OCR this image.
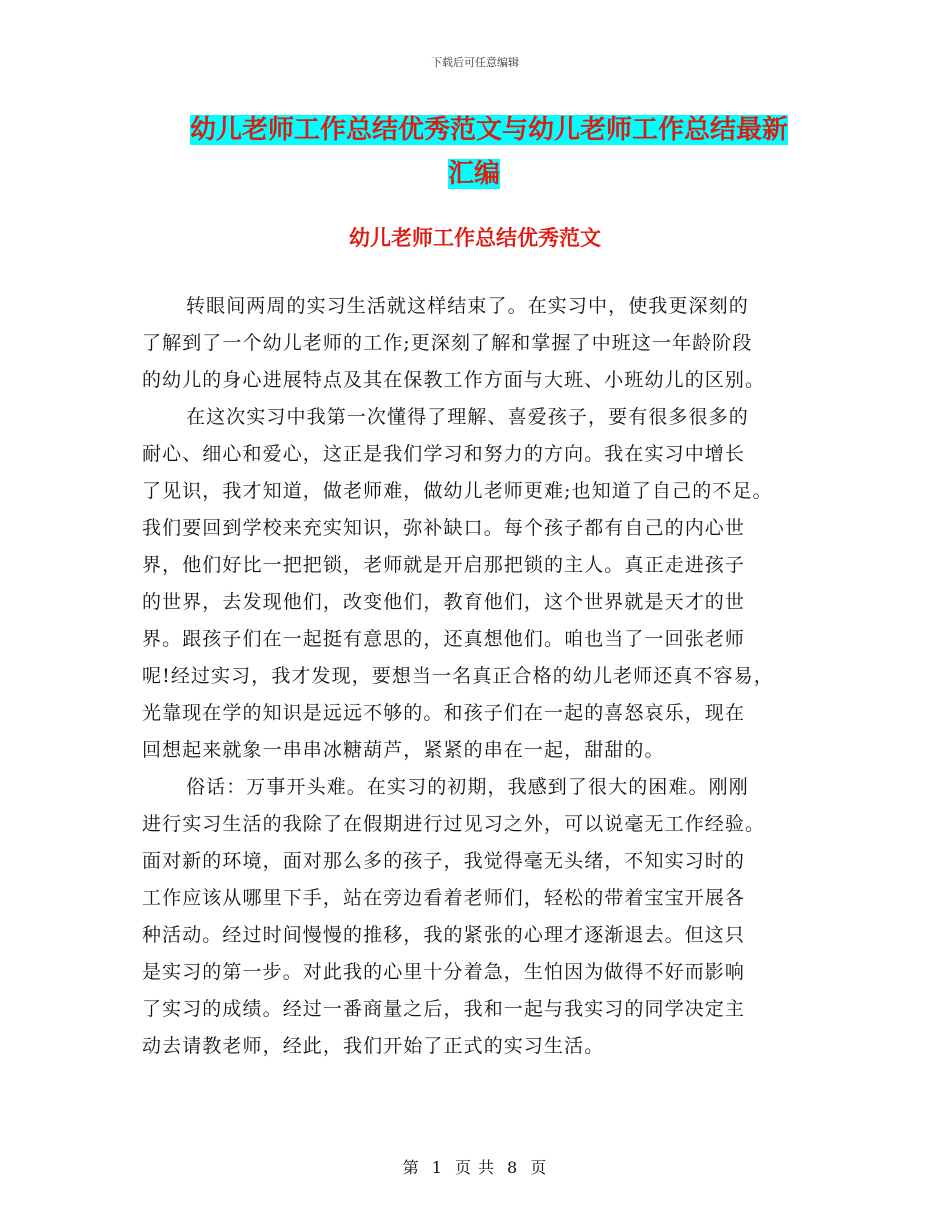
下载后可任意编辑
幼儿老师工作总结优秀范文与幼儿老师工作总结最新
汇编
幼儿老师工作总结优秀范文
转眼间两周的实习生活就这样结束了。在实习中，使我更深刻的
了解到了一个幼儿老师的工作;更深刻了解和掌握了中班这一年龄阶段
的幼儿的身心进展特点及其在保教工作方面与大班、小班幼儿的区别。
在这次实习中我第一次懂得了理解、喜爱孩子，要有很多很多的
耐心、细心和爱心，这正是我们学习和努力的方向。我在实习中增长
了见识，我才知道，做老师难，做幼儿老师更难;也知道了自己的不足。
我们要回到学校来充实知识，弥补缺口。每个孩子都有自己的内心世
界，他们好比一把把锁，老师就是开启那把锁的主人。真正走进孩子
的世界，去发现他们，改变他们，教育他们，这个世界就是天才的世
界。跟孩子们在一起挺有意思的，还真想他们。咱也当了一回张老师
呢!经过实习，我才发现，要想当一名真正合格的幼儿老师还真不容易，
光靠现在学的知识是远远不够的。和孩子们在一起的喜怒哀乐，现在
回想起来就象一串串冰糖葫芦，紧紧的串在一起，甜甜的。
俗话：万事开头难。在实习的初期，我感到了很大的困难。刚刚
进行实习生活的我除了在假期进行过见习之外，可以说毫无工作经验。
面对新的环境，面对那么多的孩子，我觉得毫无头绪，不知实习时的
工作应该从哪里下手，站在旁边看着老师们，轻松的带着宝宝开展各
种活动。经过时间慢慢的推移，我的紧张的心理才逐渐退去。但这只
是实习的第一步。对此我的心里十分着急，生怕因为做得不好而影响
了实习的成绩。经过一番商量之后，我和一起与我实习的同学决定主
动去请教老师，经此，我们开始了正式的实习生活。
第 1 页 共 8 页
